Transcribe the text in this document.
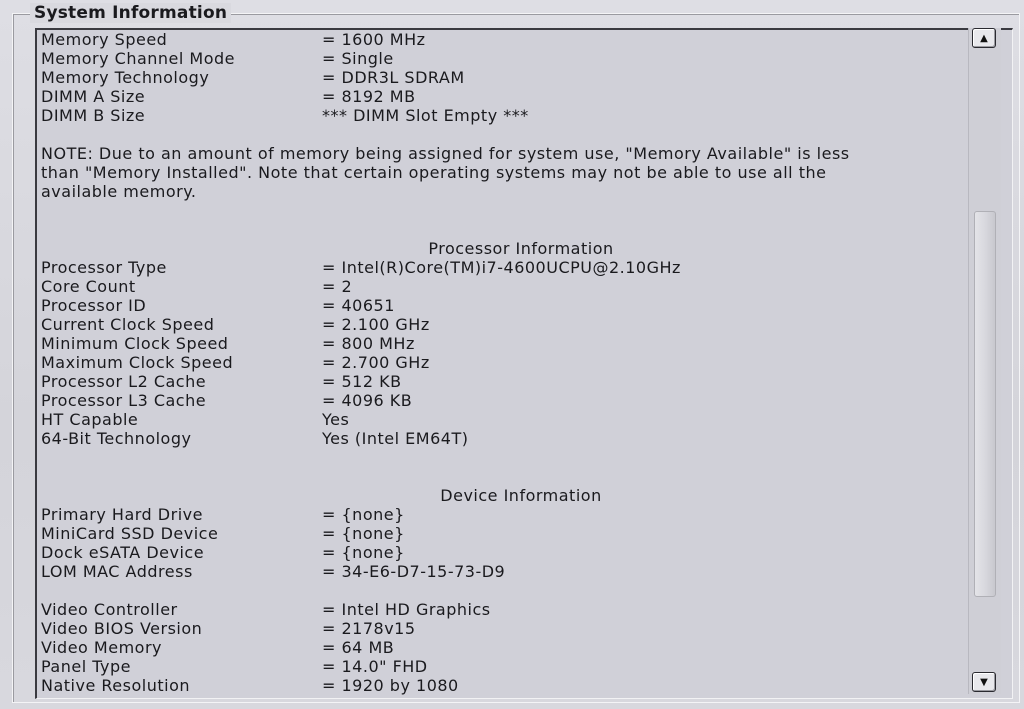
System Information
Memory Speed	= 1600 MHz
Memory Channel Mode	= Single
Memory Technology	= DDR3L SDRAM
DIMM A Size	= 8192 MB
DIMM B Size	*** DIMM Slot Empty ***
NOTE: Due to an amount of memory being assigned for system use, "Memory Available" is less
than "Memory Installed". Note that certain operating systems may not be able to use all the
available memory.
Processor Information
Processor Type	= Intel(R)Core(TM)i7-4600UCPU@2.10GHz
Core Count	= 2
Processor ID	= 40651
Current Clock Speed	= 2.100 GHz
Minimum Clock Speed	= 800 MHz
Maximum Clock Speed	= 2.700 GHz
Processor L2 Cache	= 512 KB
Processor L3 Cache	= 4096 KB
HT Capable	Yes
64-Bit Technology	Yes (Intel EM64T)
Device Information
Primary Hard Drive	= {none}
MiniCard SSD Device	= {none}
Dock eSATA Device	= {none}
LOM MAC Address	= 34-E6-D7-15-73-D9
Video Controller	= Intel HD Graphics
Video BIOS Version	= 2178v15
Video Memory	= 64 MB
Panel Type	= 14.0" FHD
Native Resolution	= 1920 by 1080
▲
▼
